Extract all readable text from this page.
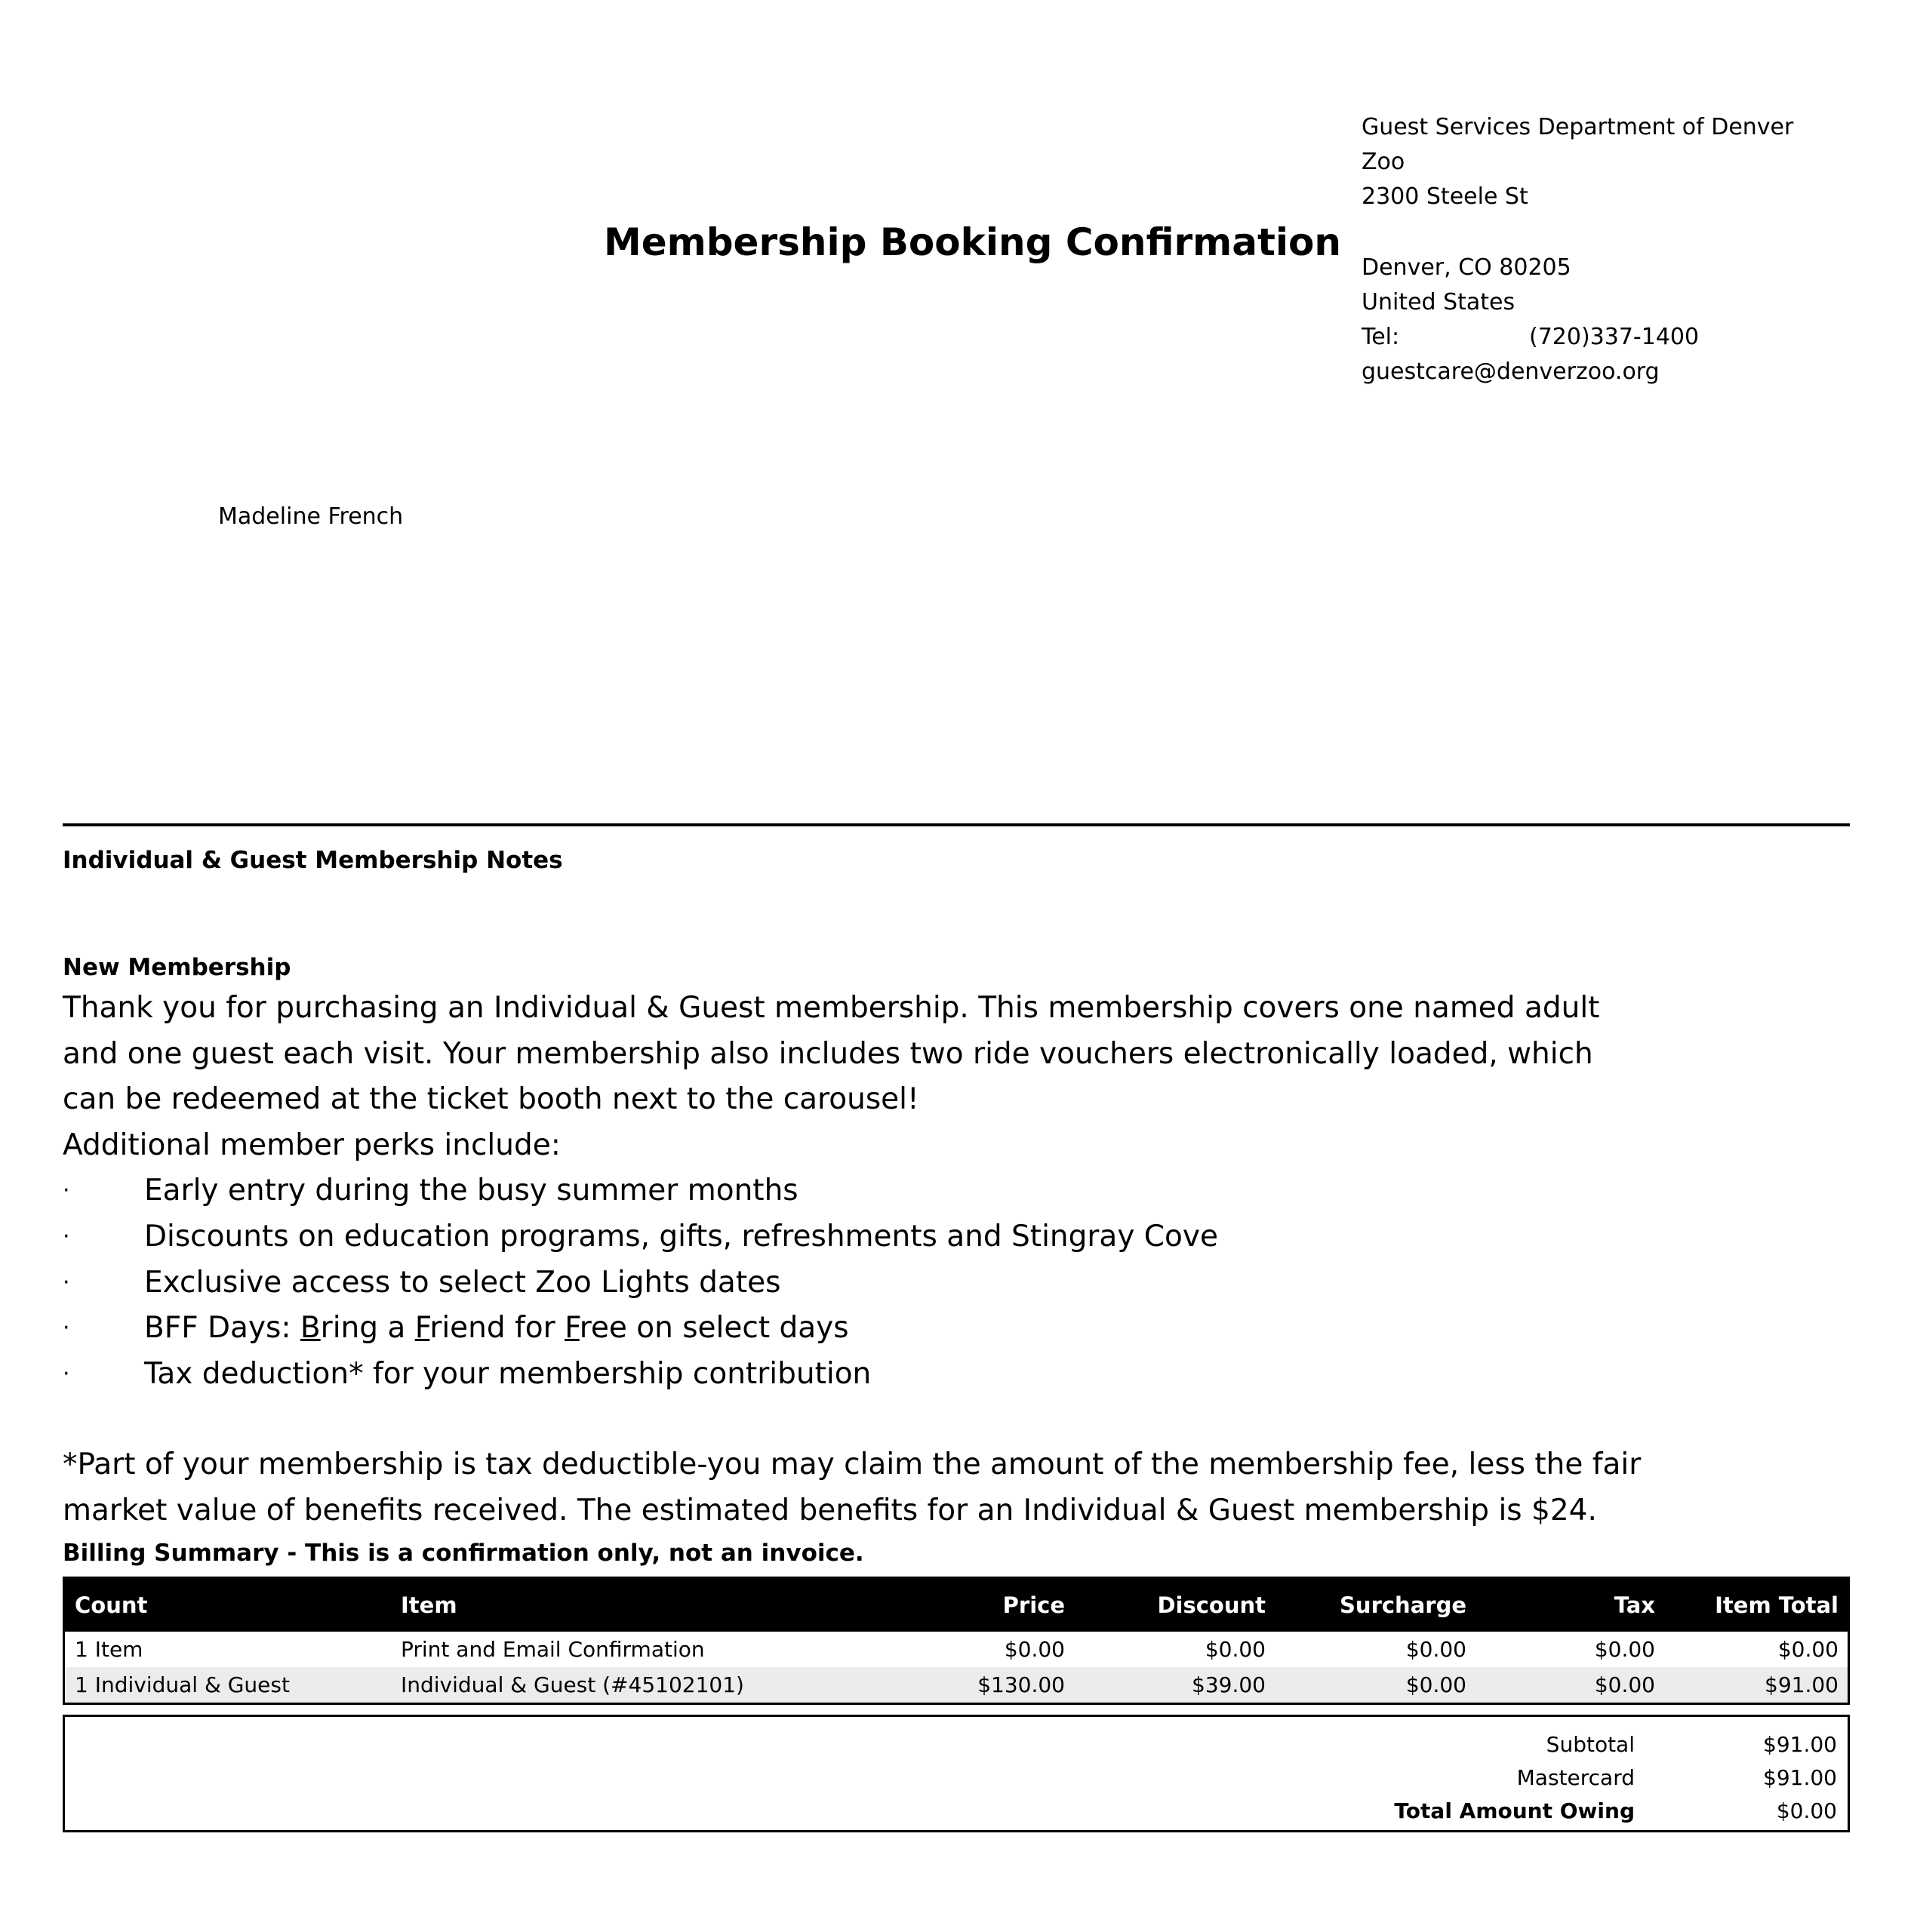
Membership Booking Confirmation
Guest Services Department of Denver
Zoo
2300 Steele St
Denver, CO 80205
United States
Tel:	(720)337-1400
guestcare@denverzoo.org
Madeline French
Individual & Guest Membership Notes
New Membership
Thank you for purchasing an Individual & Guest membership. This membership covers one named adult
and one guest each visit. Your membership also includes two ride vouchers electronically loaded, which
can be redeemed at the ticket booth next to the carousel!
Additional member perks include:
·	Early entry during the busy summer months
·	Discounts on education programs, gifts, refreshments and Stingray Cove
·	Exclusive access to select Zoo Lights dates
·	BFF Days: Bring a Friend for Free on select days
·	Tax deduction* for your membership contribution
*Part of your membership is tax deductible-you may claim the amount of the membership fee, less the fair
market value of benefits received. The estimated benefits for an Individual & Guest membership is $24.
Billing Summary - This is a confirmation only, not an invoice.
Count	Item	Price	Discount	Surcharge	Tax	Item Total
1 Item	Print and Email Confirmation	$0.00	$0.00	$0.00	$0.00	$0.00
1 Individual & Guest	Individual & Guest (#45102101)	$130.00	$39.00	$0.00	$0.00	$91.00
Subtotal	$91.00
Mastercard	$91.00
Total Amount Owing	$0.00
